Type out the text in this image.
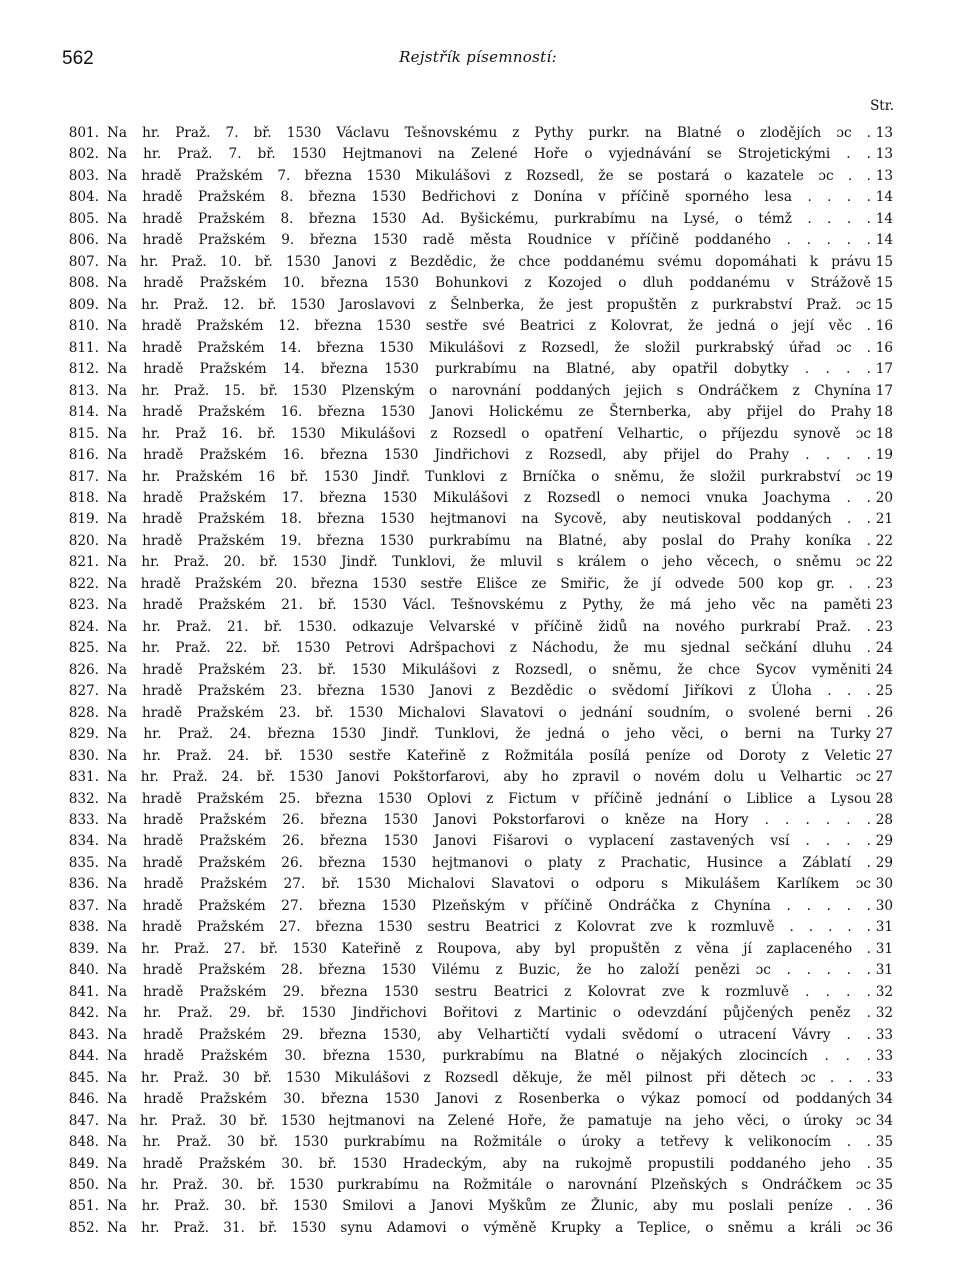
562	Rejstřík písemností:
Str.
801. Na hr. Praž. 7. bř. 1530 Václavu Tešnovskému z Pythy purkr. na Blatné o zlodějích ɔc . 13
802. Na hr. Praž. 7. bř. 1530 Hejtmanovi na Zelené Hoře o vyjednávání se Strojetickými . . 13
803. Na hradě Pražském 7. března 1530 Mikulášovi z Rozsedl, že se postará o kazatele ɔc . . 13
804. Na hradě Pražském 8. března 1530 Bedřichovi z Donína v příčině sporného lesa . . . . 14
805. Na hradě Pražském 8. března 1530 Ad. Byšickému, purkrabímu na Lysé, o témž . . . . 14
806. Na hradě Pražském 9. března 1530 radě města Roudnice v příčině poddaného . . . . . 14
807. Na hr. Praž. 10. bř. 1530 Janovi z Bezdědic, že chce poddanému svému dopomáhati k právu 15
808. Na hradě Pražském 10. března 1530 Bohunkovi z Kozojed o dluh poddanému v Strážově 15
809. Na hr. Praž. 12. bř. 1530 Jaroslavovi z Šelnberka, že jest propuštěn z purkrabství Praž. ɔc 15
810. Na hradě Pražském 12. března 1530 sestře své Beatrici z Kolovrat, že jedná o její věc . 16
811. Na hradě Pražském 14. března 1530 Mikulášovi z Rozsedl, že složil purkrabský úřad ɔc . 16
812. Na hradě Pražském 14. března 1530 purkrabímu na Blatné, aby opatřil dobytky . . . . 17
813. Na hr. Praž. 15. bř. 1530 Plzenským o narovnání poddaných jejich s Ondráčkem z Chynína 17
814. Na hradě Pražském 16. března 1530 Janovi Holickému ze Šternberka, aby přijel do Prahy 18
815. Na hr. Praž 16. bř. 1530 Mikulášovi z Rozsedl o opatření Velhartic, o příjezdu synově ɔc 18
816. Na hradě Pražském 16. března 1530 Jindřichovi z Rozsedl, aby přijel do Prahy . . . . 19
817. Na hr. Pražském 16 bř. 1530 Jindř. Tunklovi z Brníčka o sněmu, že složil purkrabství ɔc 19
818. Na hradě Pražském 17. března 1530 Mikulášovi z Rozsedl o nemoci vnuka Joachyma . . 20
819. Na hradě Pražském 18. března 1530 hejtmanovi na Sycově, aby neutiskoval poddaných . . 21
820. Na hradě Pražském 19. března 1530 purkrabímu na Blatné, aby poslal do Prahy koníka . 22
821. Na hr. Praž. 20. bř. 1530 Jindř. Tunklovi, že mluvil s králem o jeho věcech, o sněmu ɔc 22
822. Na hradě Pražském 20. března 1530 sestře Elišce ze Smiřic, že jí odvede 500 kop gr. . . 23
823. Na hradě Pražském 21. bř. 1530 Václ. Tešnovskému z Pythy, že má jeho věc na paměti 23
824. Na hr. Praž. 21. bř. 1530. odkazuje Velvarské v příčině židů na nového purkrabí Praž. . 23
825. Na hr. Praž. 22. bř. 1530 Petrovi Adršpachovi z Náchodu, že mu sjednal sečkání dluhu . 24
826. Na hradě Pražském 23. bř. 1530 Mikulášovi z Rozsedl, o sněmu, že chce Sycov vyměniti 24
827. Na hradě Pražském 23. března 1530 Janovi z Bezdědic o svědomí Jiříkovi z Úloha . . . 25
828. Na hradě Pražském 23. bř. 1530 Michalovi Slavatovi o jednání soudním, o svolené berni . 26
829. Na hr. Praž. 24. března 1530 Jindř. Tunklovi, že jedná o jeho věci, o berni na Turky 27
830. Na hr. Praž. 24. bř. 1530 sestře Kateřině z Rožmitála posílá peníze od Doroty z Veletic 27
831. Na hr. Praž. 24. bř. 1530 Janovi Pokštorfarovi, aby ho zpravil o novém dolu u Velhartic ɔc 27
832. Na hradě Pražském 25. března 1530 Oplovi z Fictum v příčině jednání o Liblice a Lysou 28
833. Na hradě Pražském 26. března 1530 Janovi Pokstorfarovi o kněze na Hory . . . . . . 28
834. Na hradě Pražském 26. března 1530 Janovi Fišarovi o vyplacení zastavených vsí . . . . 29
835. Na hradě Pražském 26. března 1530 hejtmanovi o platy z Prachatic, Husince a Záblatí . 29
836. Na hradě Pražském 27. bř. 1530 Michalovi Slavatovi o odporu s Mikulášem Karlíkem ɔc 30
837. Na hradě Pražském 27. března 1530 Plzeňským v příčině Ondráčka z Chynína . . . . . 30
838. Na hradě Pražském 27. března 1530 sestru Beatrici z Kolovrat zve k rozmluvě . . . . . 31
839. Na hr. Praž. 27. bř. 1530 Kateřině z Roupova, aby byl propuštěn z věna jí zaplaceného . 31
840. Na hradě Pražském 28. března 1530 Vilému z Buzic, že ho založí penězi ɔc . . . . . 31
841. Na hradě Pražském 29. března 1530 sestru Beatrici z Kolovrat zve k rozmluvě . . . . 32
842. Na hr. Praž. 29. bř. 1530 Jindřichovi Bořitovi z Martinic o odevzdání půjčených peněz . 32
843. Na hradě Pražském 29. března 1530, aby Velhartičtí vydali svědomí o utracení Vávry . . 33
844. Na hradě Pražském 30. března 1530, purkrabímu na Blatné o nějakých zlocincích . . . 33
845. Na hr. Praž. 30 bř. 1530 Mikulášovi z Rozsedl děkuje, že měl pilnost při dětech ɔc . . . 33
846. Na hradě Pražském 30. března 1530 Janovi z Rosenberka o výkaz pomocí od poddaných 34
847. Na hr. Praž. 30 bř. 1530 hejtmanovi na Zelené Hoře, že pamatuje na jeho věci, o úroky ɔc 34
848. Na hr. Praž. 30 bř. 1530 purkrabímu na Rožmitále o úroky a tetřevy k velikonocím . . 35
849. Na hradě Pražském 30. bř. 1530 Hradeckým, aby na rukojmě propustili poddaného jeho . 35
850. Na hr. Praž. 30. bř. 1530 purkrabímu na Rožmitále o narovnání Plzeňských s Ondráčkem ɔc 35
851. Na hr. Praž. 30. bř. 1530 Smilovi a Janovi Myškům ze Žlunic, aby mu poslali peníze . . 36
852. Na hr. Praž. 31. bř. 1530 synu Adamovi o výměně Krupky a Teplice, o sněmu a králi ɔc 36
